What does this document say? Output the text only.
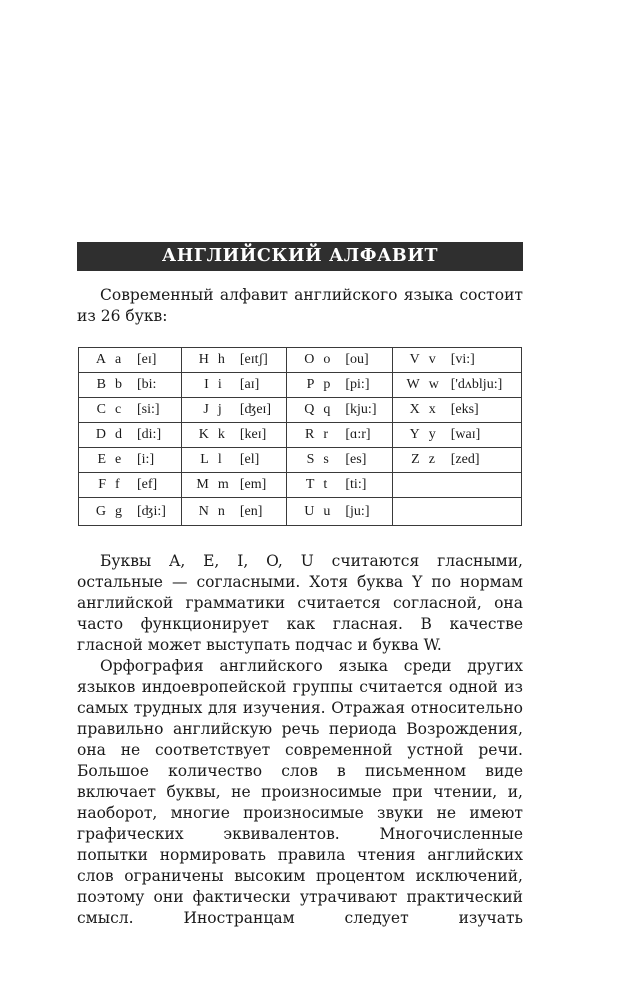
АНГЛИЙСКИЙ АЛФАВИТ

Современный алфавит английского языка состоит из 26 букв:

A a [eɪ]	H h [eɪtʃ]	O o [ou]	V v [vi:]

B b [bi:	I i [aɪ]	P p [pi:]	W w ['dʌblju:]

C c [si:]	J j [ʤeɪ]	Q q [kju:]	X x [eks]

D d [di:]	K k [keɪ]	R r [ɑ:r]	Y y [waɪ]

E e [i:]	L l [el]	S s [es]	Z z [zed]

F f [ef]	M m [em]	T t [ti:]	

G g [ʤi:]	N n [en]	U u [ju:]	

Буквы A, E, I, O, U считаются гласными, остальные — согласными. Хотя буква Y по нормам английской грамматики считается согласной, она часто функционирует как гласная. В качестве гласной может выступать подчас и буква W.

Орфография английского языка среди других языков индоевропейской группы считается одной из самых трудных для изучения. Отражая относительно правильно английскую речь периода Возрождения, она не соответствует современной устной речи. Большое количество слов в письменном виде включает буквы, не произносимые при чтении, и, наоборот, многие произносимые звуки не имеют графических эквивалентов. Многочисленные попытки нормировать правила чтения английских слов ограничены высоким процентом исключений, поэтому они фактически утрачивают практический смысл. Иностранцам следует изучать
